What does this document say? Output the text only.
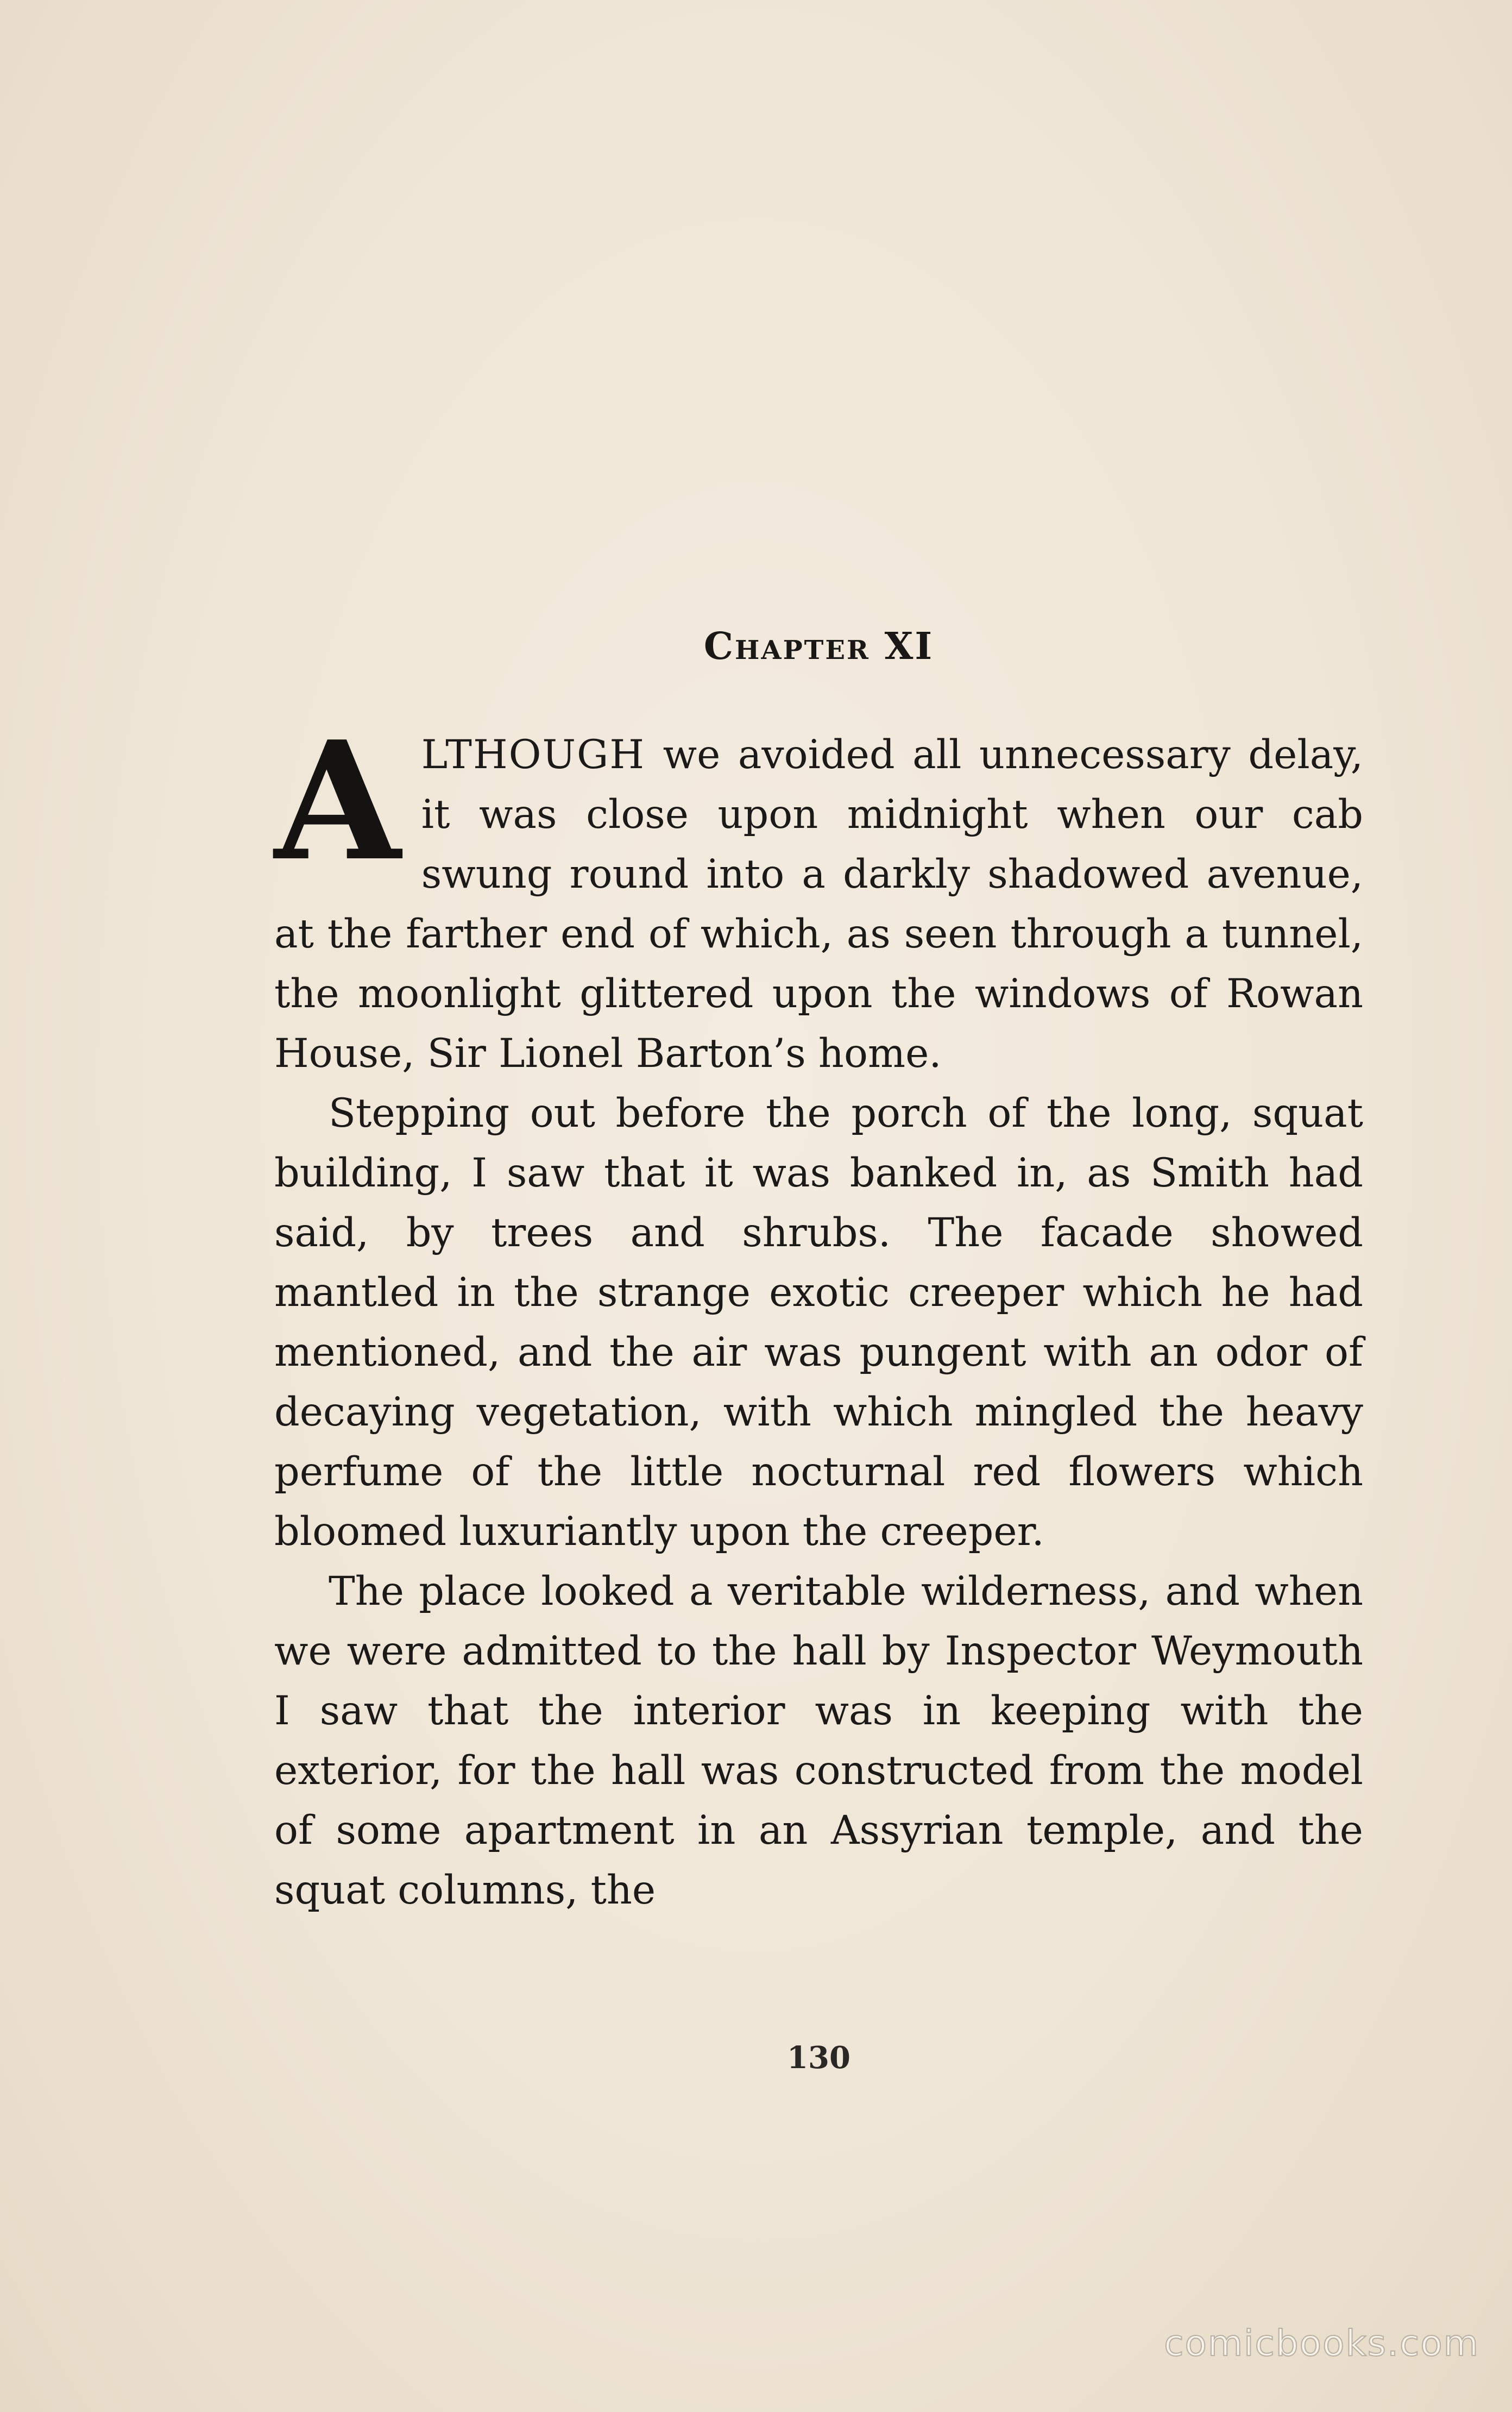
Chapter XI

ALTHOUGH we avoided all unnecessary delay, it was close upon midnight when our cab swung round into a darkly shadowed avenue, at the farther end of which, as seen through a tunnel, the moonlight glittered upon the windows of Rowan House, Sir Lionel Barton’s home.

Stepping out before the porch of the long, squat building, I saw that it was banked in, as Smith had said, by trees and shrubs. The facade showed mantled in the strange exotic creeper which he had mentioned, and the air was pungent with an odor of decaying vegetation, with which mingled the heavy perfume of the little nocturnal red flowers which bloomed luxuriantly upon the creeper.

The place looked a veritable wilderness, and when we were admitted to the hall by Inspector Weymouth I saw that the interior was in keeping with the exterior, for the hall was constructed from the model of some apartment in an Assyrian temple, and the squat columns, the

130
comicbooks.com
